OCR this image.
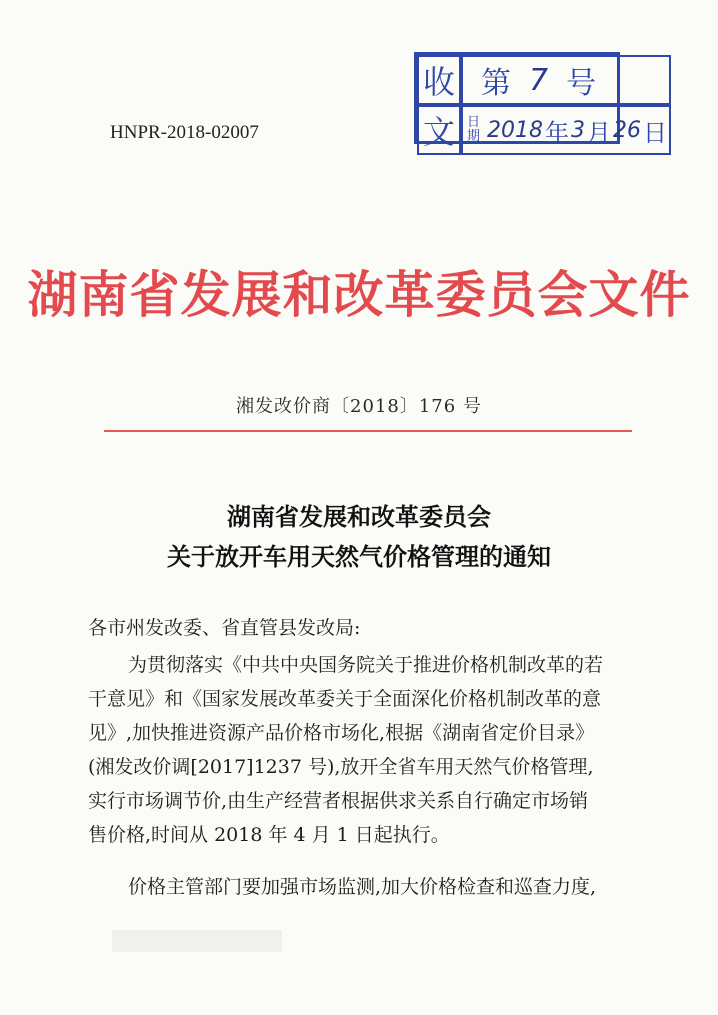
收 第 7 号
文 日期 2018 年 3 月 26 日
HNPR-2018-02007
湖南省发展和改革委员会文件
湘发改价商〔2018〕176 号
湖南省发展和改革委员会
关于放开车用天然气价格管理的通知
各市州发改委、省直管县发改局:
为贯彻落实《中共中央国务院关于推进价格机制改革的若
干意见》和《国家发展改革委关于全面深化价格机制改革的意
见》,加快推进资源产品价格市场化,根据《湖南省定价目录》
(湘发改价调[2017]1237 号),放开全省车用天然气价格管理,
实行市场调节价,由生产经营者根据供求关系自行确定市场销
售价格,时间从 2018 年 4 月 1 日起执行。
价格主管部门要加强市场监测,加大价格检查和巡查力度,
